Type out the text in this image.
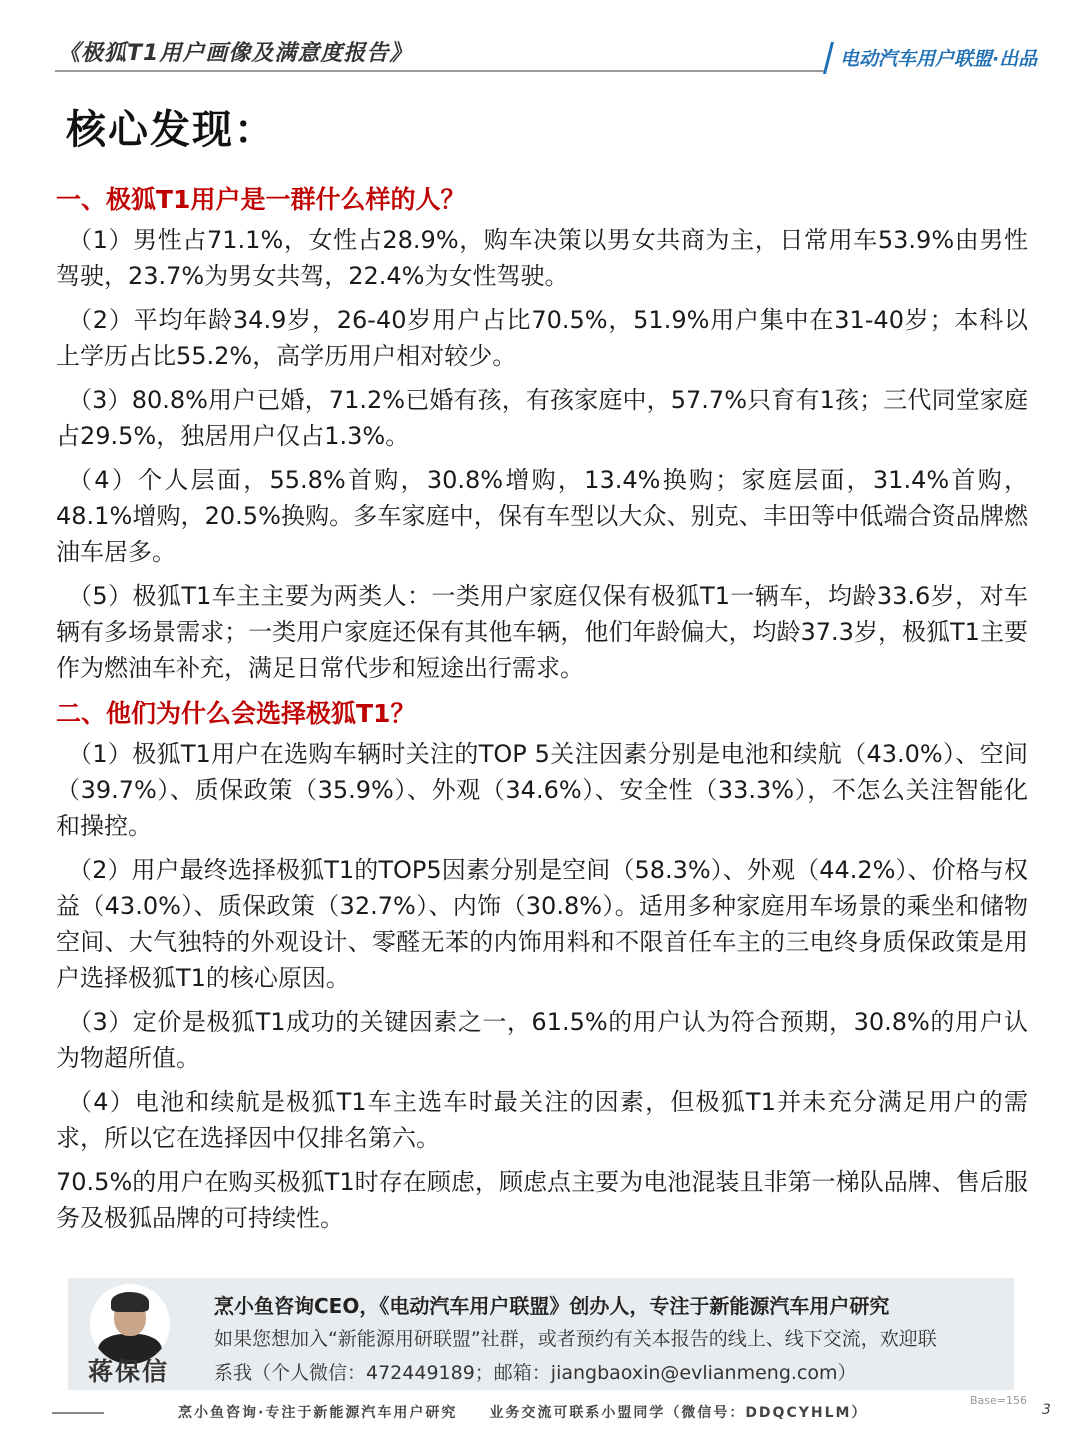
《极狐T1用户画像及满意度报告》	电动汽车用户联盟·出品
核心发现：
一、极狐T1用户是一群什么样的人？

（1）男性占71.1%，女性占28.9%，购车决策以男女共商为主，日常用车53.9%由男性驾驶，23.7%为男女共驾，22.4%为女性驾驶。

（2）平均年龄34.9岁，26-40岁用户占比70.5%，51.9%用户集中在31-40岁；本科以上学历占比55.2%，高学历用户相对较少。

（3）80.8%用户已婚，71.2%已婚有孩，有孩家庭中，57.7%只育有1孩；三代同堂家庭占29.5%，独居用户仅占1.3%。

（4）个人层面，55.8%首购，30.8%增购，13.4%换购；家庭层面，31.4%首购，48.1%增购，20.5%换购。多车家庭中，保有车型以大众、别克、丰田等中低端合资品牌燃油车居多。

（5）极狐T1车主主要为两类人：一类用户家庭仅保有极狐T1一辆车，均龄33.6岁，对车辆有多场景需求；一类用户家庭还保有其他车辆，他们年龄偏大，均龄37.3岁，极狐T1主要作为燃油车补充，满足日常代步和短途出行需求。

二、他们为什么会选择极狐T1？

（1）极狐T1用户在选购车辆时关注的TOP 5关注因素分别是电池和续航（43.0%）、空间（39.7%）、质保政策（35.9%）、外观（34.6%）、安全性（33.3%），不怎么关注智能化和操控。

（2）用户最终选择极狐T1的TOP5因素分别是空间（58.3%）、外观（44.2%）、价格与权益（43.0%）、质保政策（32.7%）、内饰（30.8%）。适用多种家庭用车场景的乘坐和储物空间、大气独特的外观设计、零醛无苯的内饰用料和不限首任车主的三电终身质保政策是用户选择极狐T1的核心原因。

（3）定价是极狐T1成功的关键因素之一，61.5%的用户认为符合预期，30.8%的用户认为物超所值。

（4）电池和续航是极狐T1车主选车时最关注的因素，但极狐T1并未充分满足用户的需求，所以它在选择因中仅排名第六。

70.5%的用户在购买极狐T1时存在顾虑，顾虑点主要为电池混装且非第一梯队品牌、售后服务及极狐品牌的可持续性。

蒋保信
烹小鱼咨询CEO，《电动汽车用户联盟》创办人，专注于新能源汽车用户研究
如果您想加入“新能源用研联盟”社群，或者预约有关本报告的线上、线下交流，欢迎联
系我（个人微信：472449189；邮箱：jiangbaoxin@evlianmeng.com）
烹小鱼咨询·专注于新能源汽车用户研究　　业务交流可联系小盟同学（微信号：DDQCYHLM）
Base=156
3
